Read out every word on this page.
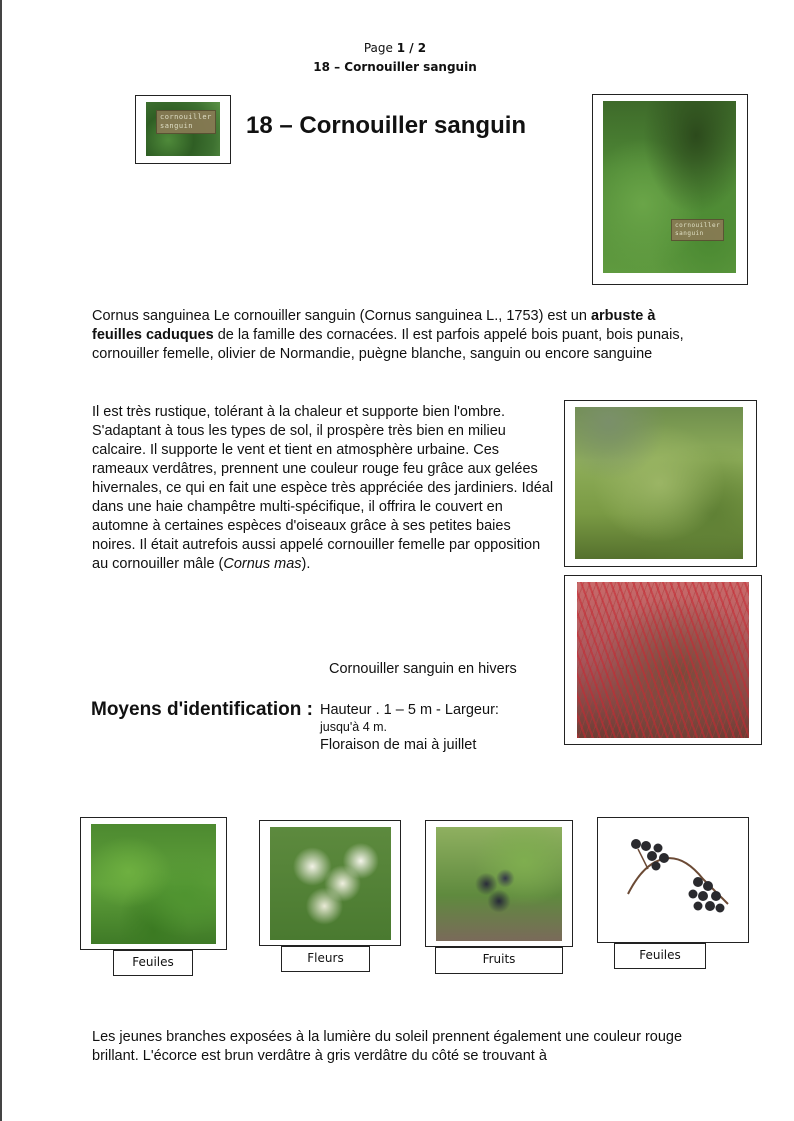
Page 1 / 2
18 – Cornouiller sanguin
cornouiller
sanguin	18 – Cornouiller sanguin
cornouiller
sanguin
Cornus sanguinea Le cornouiller sanguin (Cornus sanguinea L., 1753) est un arbuste à feuilles caduques de la famille des cornacées. Il est parfois appelé bois puant, bois punais, cornouiller femelle, olivier de Normandie, puègne blanche, sanguin ou encore sanguine
Il est très rustique, tolérant à la chaleur et supporte bien l'ombre. S'adaptant à tous les types de sol, il prospère très bien en milieu calcaire. Il supporte le vent et tient en atmosphère urbaine. Ces rameaux verdâtres, prennent une couleur rouge feu grâce aux gelées hivernales, ce qui en fait une espèce très appréciée des jardiniers. Idéal dans une haie champêtre multi-spécifique, il offrira le couvert en automne à certaines espèces d'oiseaux grâce à ses petites baies noires. Il était autrefois aussi appelé cornouiller femelle par opposition au cornouiller mâle (Cornus mas).
Cornouiller sanguin en hivers
Moyens d'identification : Hauteur . 1 – 5 m - Largeur:
jusqu'à 4 m.
Floraison de mai à juillet
Feuiles	Fleurs	Fruits	Feuiles
Les jeunes branches exposées à la lumière du soleil prennent également une couleur rouge brillant. L'écorce est brun verdâtre à gris verdâtre du côté se trouvant à
